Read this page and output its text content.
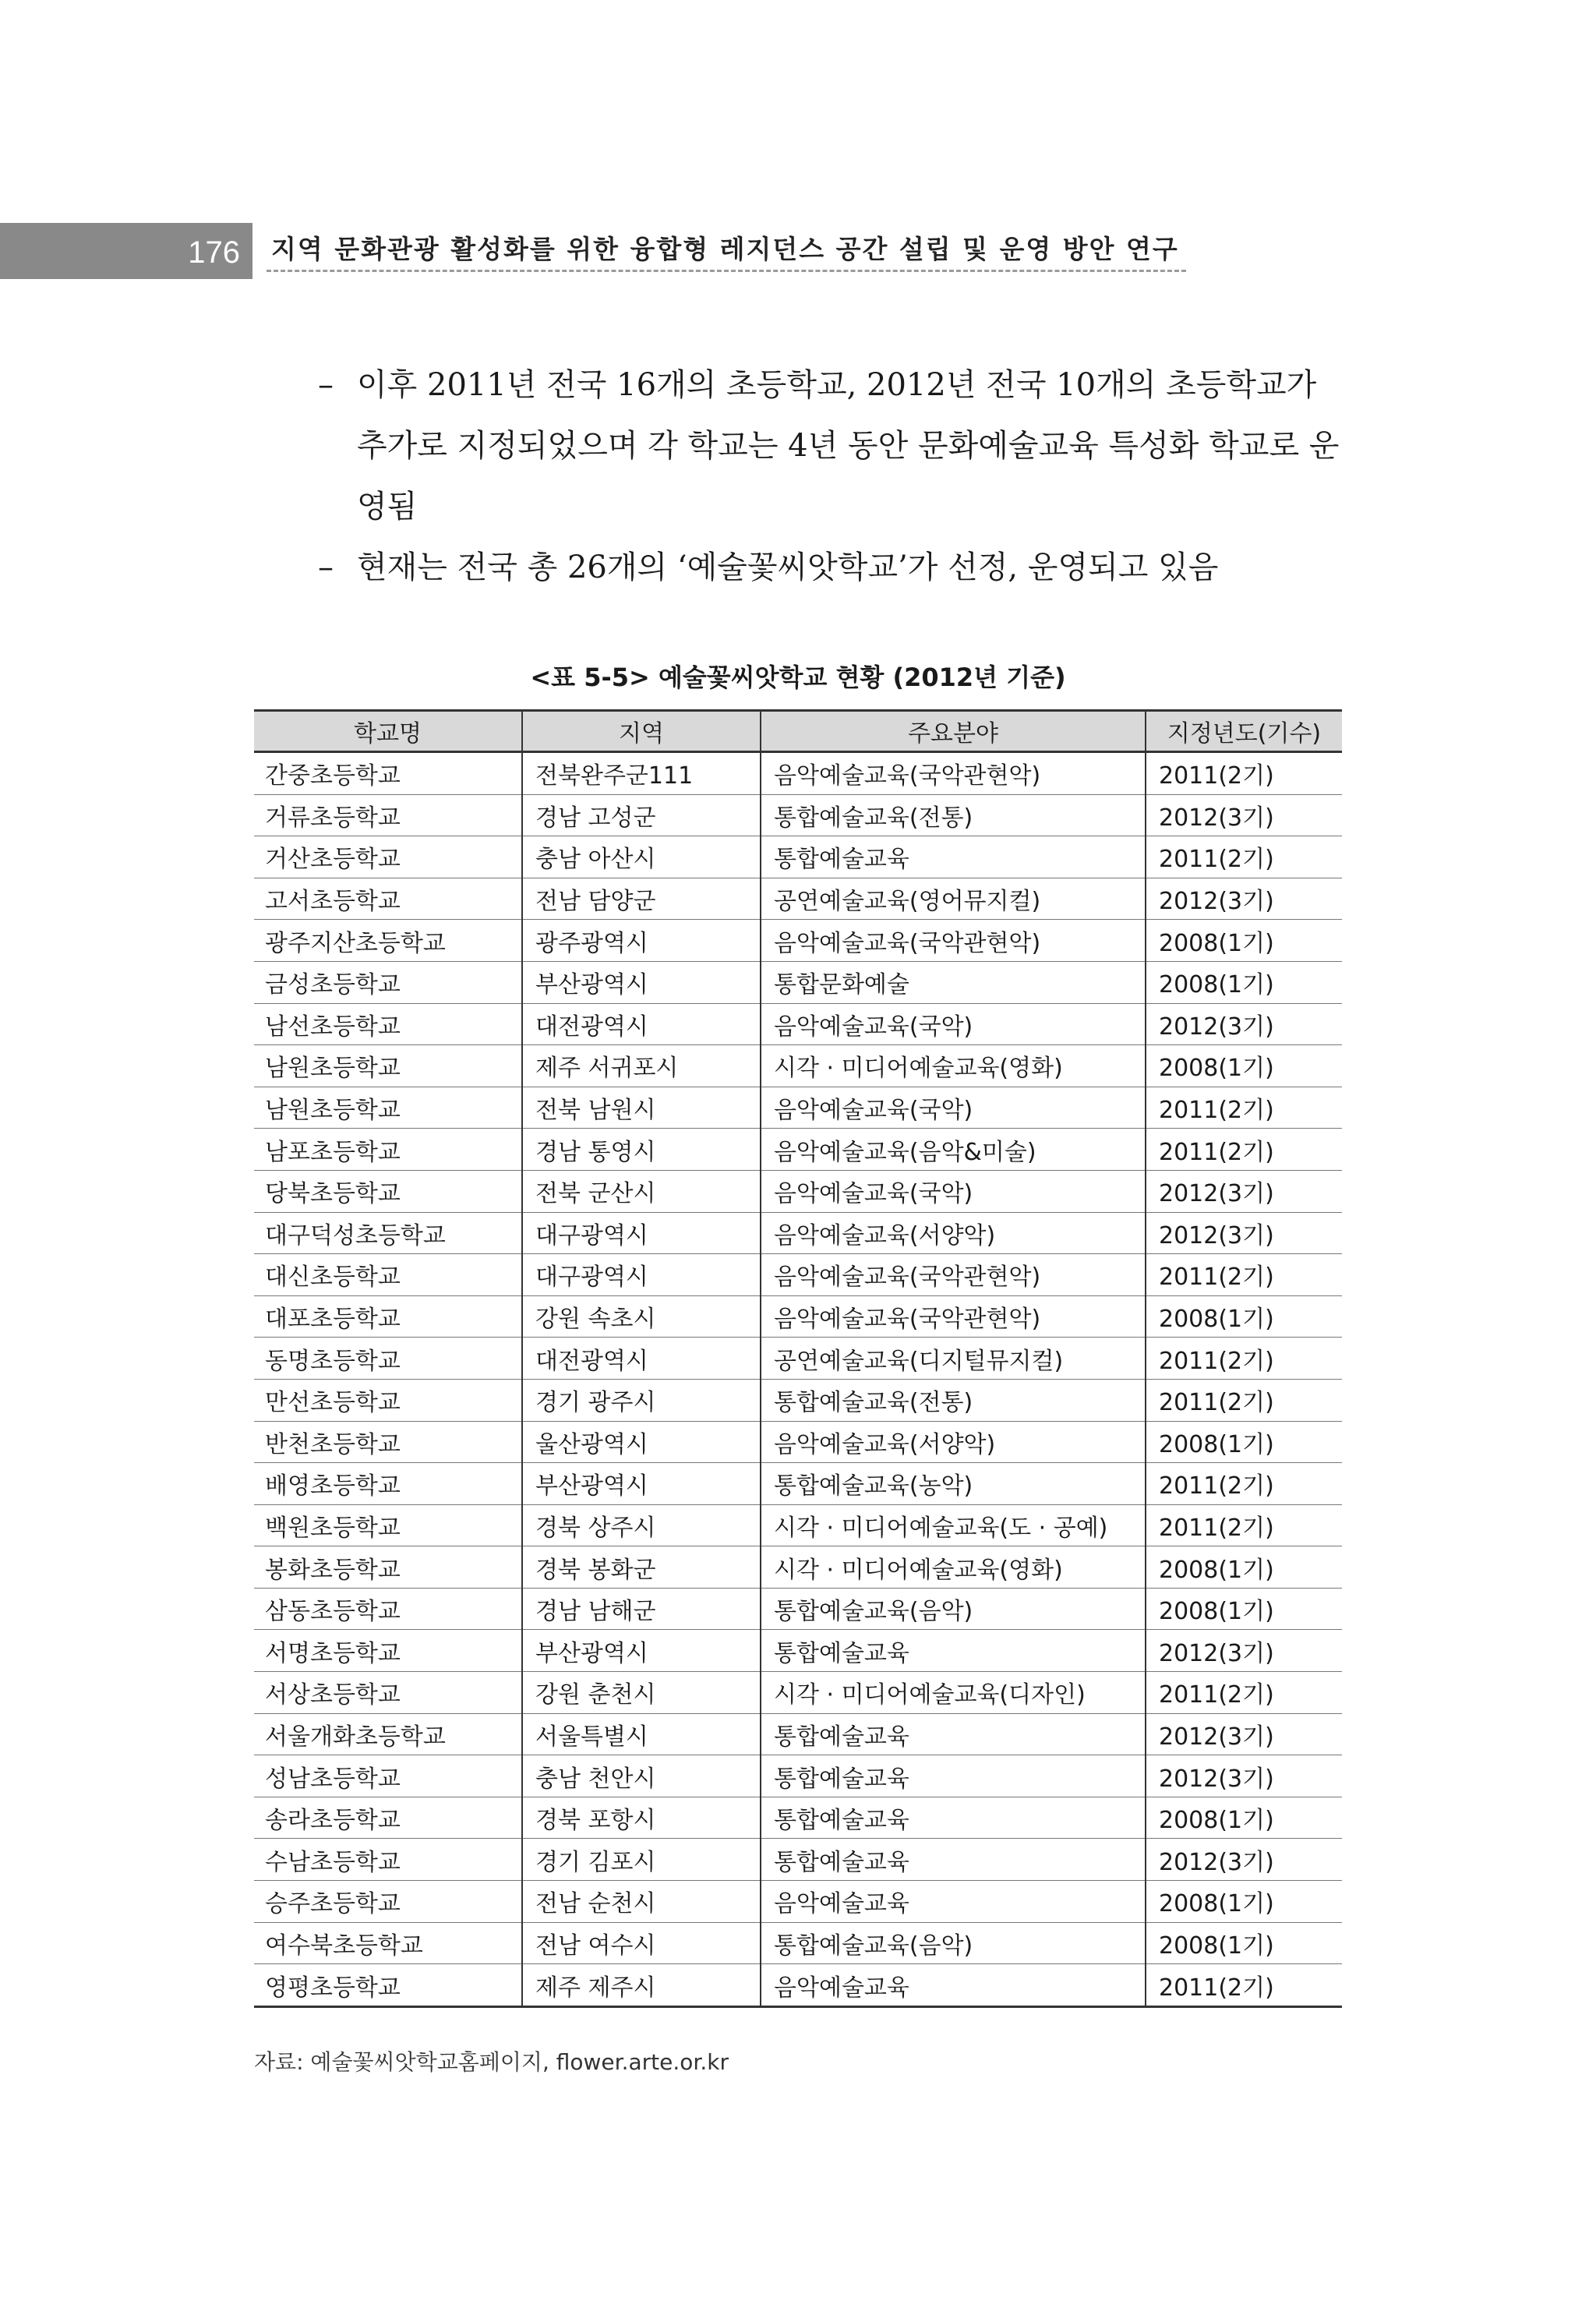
176 지역 문화관광 활성화를 위한 융합형 레지던스 공간 설립 및 운영 방안 연구
– 이후 2011년 전국 16개의 초등학교, 2012년 전국 10개의 초등학교가 추가로 지정되었으며 각 학교는 4년 동안 문화예술교육 특성화 학교로 운영됨
– 현재는 전국 총 26개의 ‘예술꽃씨앗학교’가 선정, 운영되고 있음
<표 5-5> 예술꽃씨앗학교 현황 (2012년 기준)
학교명	지역	주요분야	지정년도(기수)
간중초등학교	전북완주군111	음악예술교육(국악관현악)	2011(2기)
거류초등학교	경남 고성군	통합예술교육(전통)	2012(3기)
거산초등학교	충남 아산시	통합예술교육	2011(2기)
고서초등학교	전남 담양군	공연예술교육(영어뮤지컬)	2012(3기)
광주지산초등학교	광주광역시	음악예술교육(국악관현악)	2008(1기)
금성초등학교	부산광역시	통합문화예술	2008(1기)
남선초등학교	대전광역시	음악예술교육(국악)	2012(3기)
남원초등학교	제주 서귀포시	시각 · 미디어예술교육(영화)	2008(1기)
남원초등학교	전북 남원시	음악예술교육(국악)	2011(2기)
남포초등학교	경남 통영시	음악예술교육(음악&미술)	2011(2기)
당북초등학교	전북 군산시	음악예술교육(국악)	2012(3기)
대구덕성초등학교	대구광역시	음악예술교육(서양악)	2012(3기)
대신초등학교	대구광역시	음악예술교육(국악관현악)	2011(2기)
대포초등학교	강원 속초시	음악예술교육(국악관현악)	2008(1기)
동명초등학교	대전광역시	공연예술교육(디지털뮤지컬)	2011(2기)
만선초등학교	경기 광주시	통합예술교육(전통)	2011(2기)
반천초등학교	울산광역시	음악예술교육(서양악)	2008(1기)
배영초등학교	부산광역시	통합예술교육(농악)	2011(2기)
백원초등학교	경북 상주시	시각 · 미디어예술교육(도 · 공예)	2011(2기)
봉화초등학교	경북 봉화군	시각 · 미디어예술교육(영화)	2008(1기)
삼동초등학교	경남 남해군	통합예술교육(음악)	2008(1기)
서명초등학교	부산광역시	통합예술교육	2012(3기)
서상초등학교	강원 춘천시	시각 · 미디어예술교육(디자인)	2011(2기)
서울개화초등학교	서울특별시	통합예술교육	2012(3기)
성남초등학교	충남 천안시	통합예술교육	2012(3기)
송라초등학교	경북 포항시	통합예술교육	2008(1기)
수남초등학교	경기 김포시	통합예술교육	2012(3기)
승주초등학교	전남 순천시	음악예술교육	2008(1기)
여수북초등학교	전남 여수시	통합예술교육(음악)	2008(1기)
영평초등학교	제주 제주시	음악예술교육	2011(2기)
자료: 예술꽃씨앗학교홈페이지, flower.arte.or.kr
